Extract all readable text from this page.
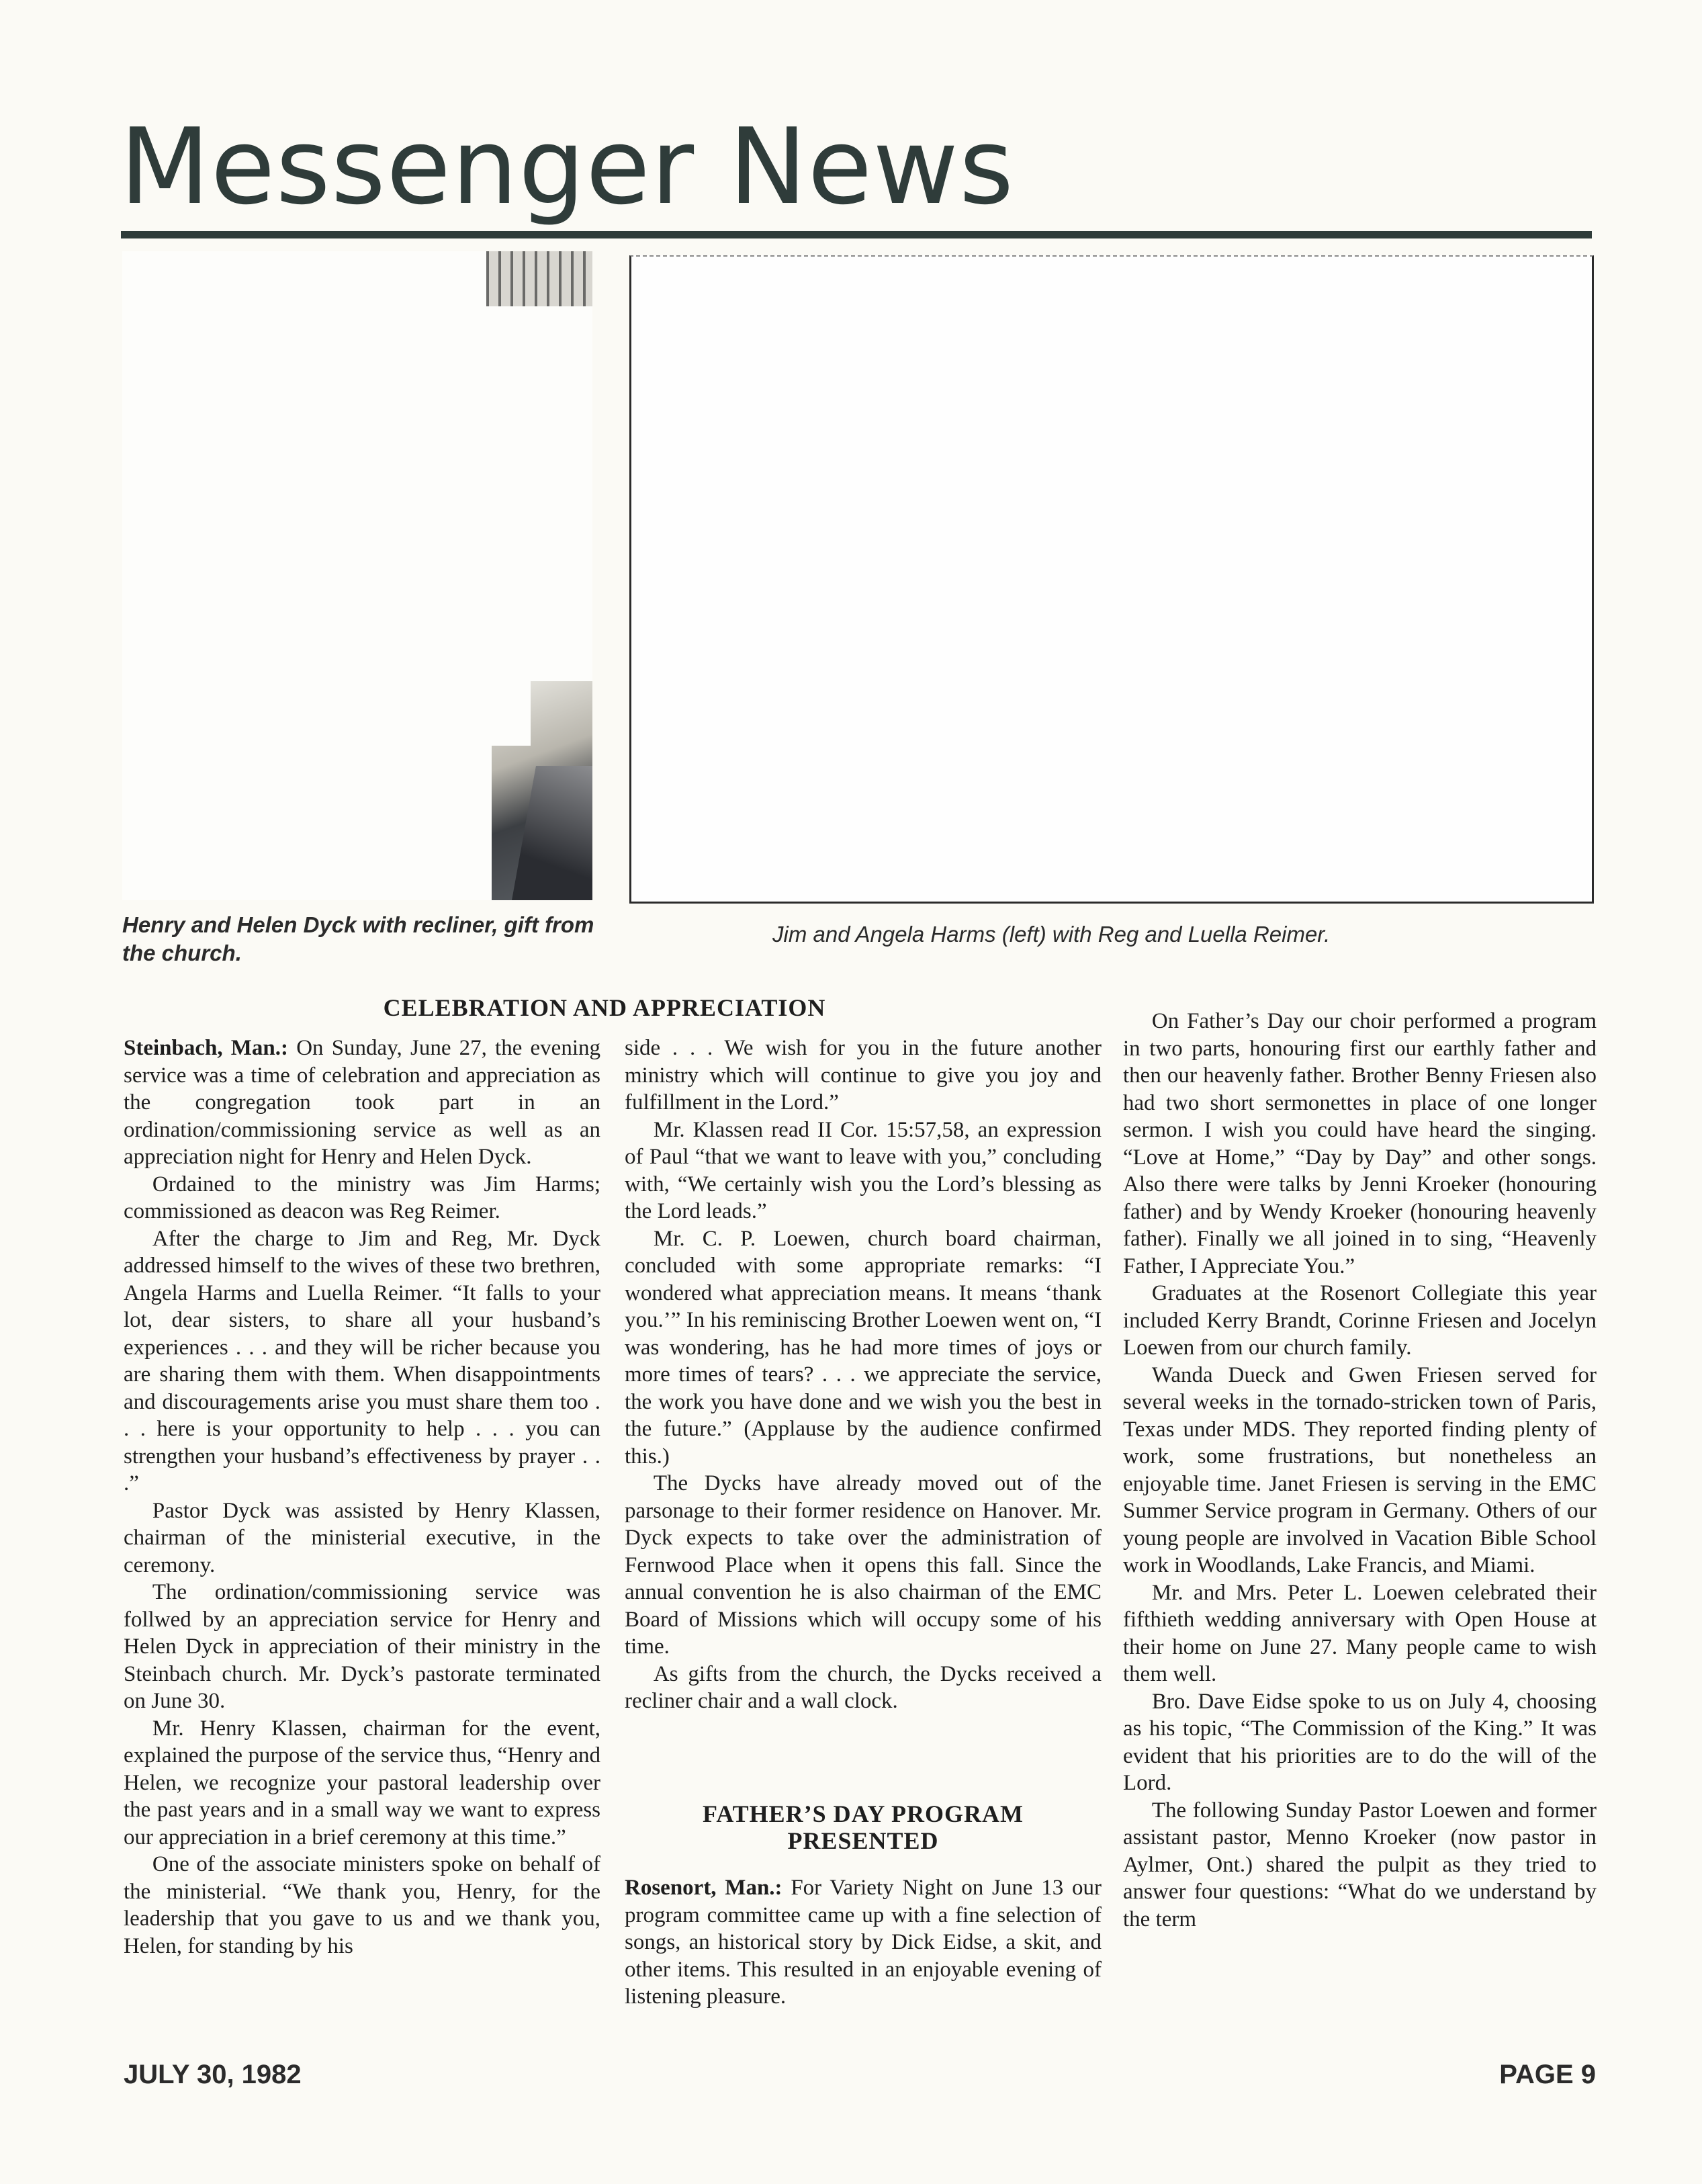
Messenger News

Henry and Helen Dyck with recliner, gift from the church.

Jim and Angela Harms (left) with Reg and Luella Reimer.

CELEBRATION AND APPRECIATION

Steinbach, Man.: On Sunday, June 27, the evening service was a time of celebration and appreciation as the congregation took part in an ordination/commissioning service as well as an appreciation night for Henry and Helen Dyck.

Ordained to the ministry was Jim Harms; commissioned as deacon was Reg Reimer.

After the charge to Jim and Reg, Mr. Dyck addressed himself to the wives of these two brethren, Angela Harms and Luella Reimer. “It falls to your lot, dear sisters, to share all your husband’s experiences . . . and they will be richer because you are sharing them with them. When disappointments and discouragements arise you must share them too . . . here is your opportunity to help . . . you can strengthen your husband’s effectiveness by prayer . . .”

Pastor Dyck was assisted by Henry Klassen, chairman of the ministerial executive, in the ceremony.

The ordination/commissioning service was follwed by an appreciation service for Henry and Helen Dyck in appreciation of their ministry in the Steinbach church. Mr. Dyck’s pastorate terminated on June 30.

Mr. Henry Klassen, chairman for the event, explained the purpose of the service thus, “Henry and Helen, we recognize your pastoral leadership over the past years and in a small way we want to express our appreciation in a brief ceremony at this time.”

One of the associate ministers spoke on behalf of the ministerial. “We thank you, Henry, for the leadership that you gave to us and we thank you, Helen, for standing by his

side . . . We wish for you in the future another ministry which will continue to give you joy and fulfillment in the Lord.”

Mr. Klassen read II Cor. 15:57,58, an expression of Paul “that we want to leave with you,” concluding with, “We certainly wish you the Lord’s blessing as the Lord leads.”

Mr. C. P. Loewen, church board chairman, concluded with some appropriate remarks: “I wondered what appreciation means. It means ‘thank you.’” In his reminiscing Brother Loewen went on, “I was wondering, has he had more times of joys or more times of tears? . . . we appreciate the service, the work you have done and we wish you the best in the future.” (Applause by the audience confirmed this.)

The Dycks have already moved out of the parsonage to their former residence on Hanover. Mr. Dyck expects to take over the administration of Fernwood Place when it opens this fall. Since the annual convention he is also chairman of the EMC Board of Missions which will occupy some of his time.

As gifts from the church, the Dycks received a recliner chair and a wall clock.

FATHER’S DAY PROGRAM PRESENTED

Rosenort, Man.: For Variety Night on June 13 our program committee came up with a fine selection of songs, an historical story by Dick Eidse, a skit, and other items. This resulted in an enjoyable evening of listening pleasure.

On Father’s Day our choir performed a program in two parts, honouring first our earthly father and then our heavenly father. Brother Benny Friesen also had two short sermonettes in place of one longer sermon. I wish you could have heard the singing. “Love at Home,” “Day by Day” and other songs. Also there were talks by Jenni Kroeker (honouring father) and by Wendy Kroeker (honouring heavenly father). Finally we all joined in to sing, “Heavenly Father, I Appreciate You.”

Graduates at the Rosenort Collegiate this year included Kerry Brandt, Corinne Friesen and Jocelyn Loewen from our church family.

Wanda Dueck and Gwen Friesen served for several weeks in the tornado-stricken town of Paris, Texas under MDS. They reported finding plenty of work, some frustrations, but nonetheless an enjoyable time. Janet Friesen is serving in the EMC Summer Service program in Germany. Others of our young people are involved in Vacation Bible School work in Woodlands, Lake Francis, and Miami.

Mr. and Mrs. Peter L. Loewen celebrated their fifthieth wedding anniversary with Open House at their home on June 27. Many people came to wish them well.

Bro. Dave Eidse spoke to us on July 4, choosing as his topic, “The Commission of the King.” It was evident that his priorities are to do the will of the Lord.

The following Sunday Pastor Loewen and former assistant pastor, Menno Kroeker (now pastor in Aylmer, Ont.) shared the pulpit as they tried to answer four questions: “What do we understand by the term

JULY 30, 1982	PAGE 9
